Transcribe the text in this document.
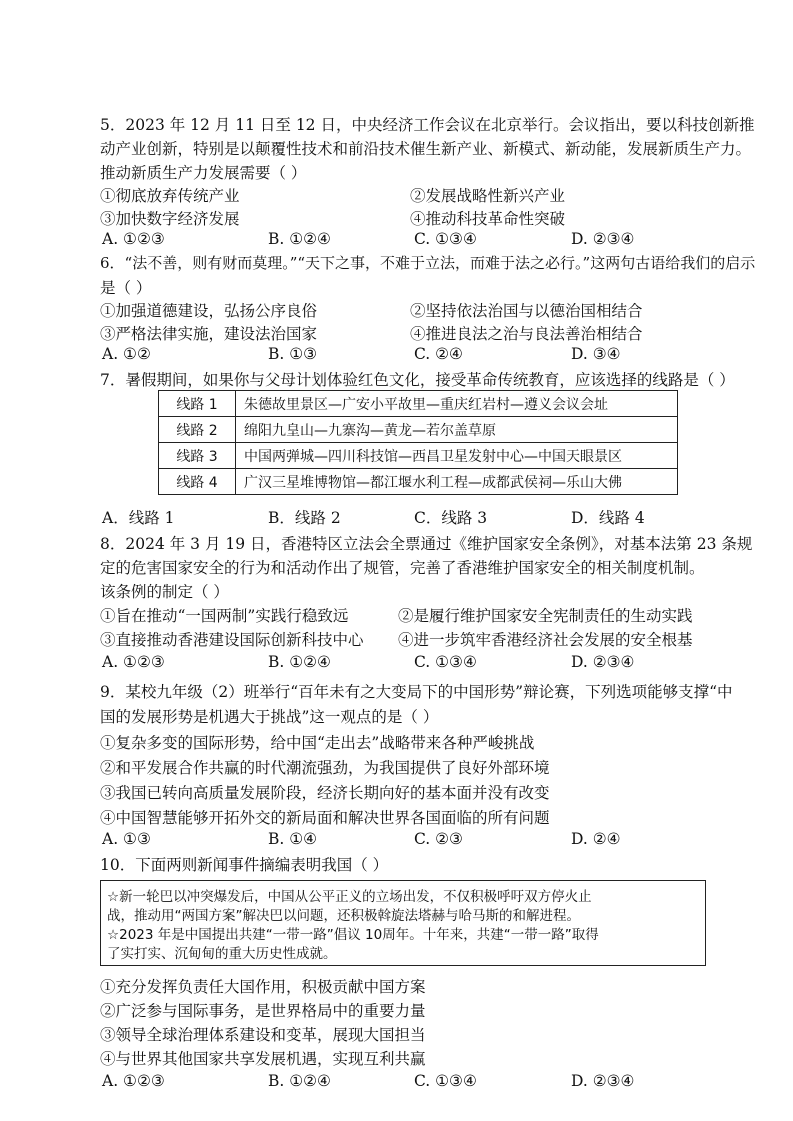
5．2023 年 12 月 11 日至 12 日，中央经济工作会议在北京举行。会议指出，要以科技创新推
动产业创新，特别是以颠覆性技术和前沿技术催生新产业、新模式、新动能，发展新质生产力。
推动新质生产力发展需要（ ）
①彻底放弃传统产业	②发展战略性新兴产业
③加快数字经济发展	④推动科技革命性突破
A. ①②③	B. ①②④	C. ①③④	D. ②③④
6．“法不善，则有财而莫理。”“天下之事，不难于立法，而难于法之必行。”这两句古语给我们的启示
是（ ）
①加强道德建设，弘扬公序良俗	②坚持依法治国与以德治国相结合
③严格法律实施，建设法治国家	④推进良法之治与良法善治相结合
A. ①②	B. ①③	C. ②④	D. ③④
7．暑假期间，如果你与父母计划体验红色文化，接受革命传统教育，应该选择的线路是（ ）
线路 1	朱德故里景区—广安小平故里—重庆红岩村—遵义会议会址
线路 2	绵阳九皇山—九寨沟—黄龙—若尔盖草原
线路 3	中国两弹城—四川科技馆—西昌卫星发射中心—中国天眼景区
线路 4	广汉三星堆博物馆—都江堰水利工程—成都武侯祠—乐山大佛
A．线路 1	B．线路 2	C．线路 3	D．线路 4
8．2024 年 3 月 19 日，香港特区立法会全票通过《维护国家安全条例》，对基本法第 23 条规
定的危害国家安全的行为和活动作出了规管，完善了香港维护国家安全的相关制度机制。
该条例的制定（ ）
①旨在推动“一国两制”实践行稳致远	②是履行维护国家安全宪制责任的生动实践
③直接推动香港建设国际创新科技中心 ④进一步筑牢香港经济社会发展的安全根基
A. ①②③	B. ①②④	C. ①③④	D. ②③④
9．某校九年级（2）班举行“百年未有之大变局下的中国形势”辩论赛，下列选项能够支撑“中
国的发展形势是机遇大于挑战”这一观点的是（ ）
①复杂多变的国际形势，给中国“走出去”战略带来各种严峻挑战
②和平发展合作共赢的时代潮流强劲，为我国提供了良好外部环境
③我国已转向高质量发展阶段，经济长期向好的基本面并没有改变
④中国智慧能够开拓外交的新局面和解决世界各国面临的所有问题
A. ①③	B. ①④	C. ②③	D. ②④
10．下面两则新闻事件摘编表明我国（ ）
☆新一轮巴以冲突爆发后，中国从公平正义的立场出发，不仅积极呼吁双方停火止
战，推动用“两国方案”解决巴以问题，还积极斡旋法塔赫与哈马斯的和解进程。
☆2023 年是中国提出共建“一带一路”倡议 10周年。十年来，共建“一带一路”取得
了实打实、沉甸甸的重大历史性成就。
①充分发挥负责任大国作用，积极贡献中国方案
②广泛参与国际事务，是世界格局中的重要力量
③领导全球治理体系建设和变革，展现大国担当
④与世界其他国家共享发展机遇，实现互利共赢
A. ①②③	B. ①②④	C. ①③④	D. ②③④
